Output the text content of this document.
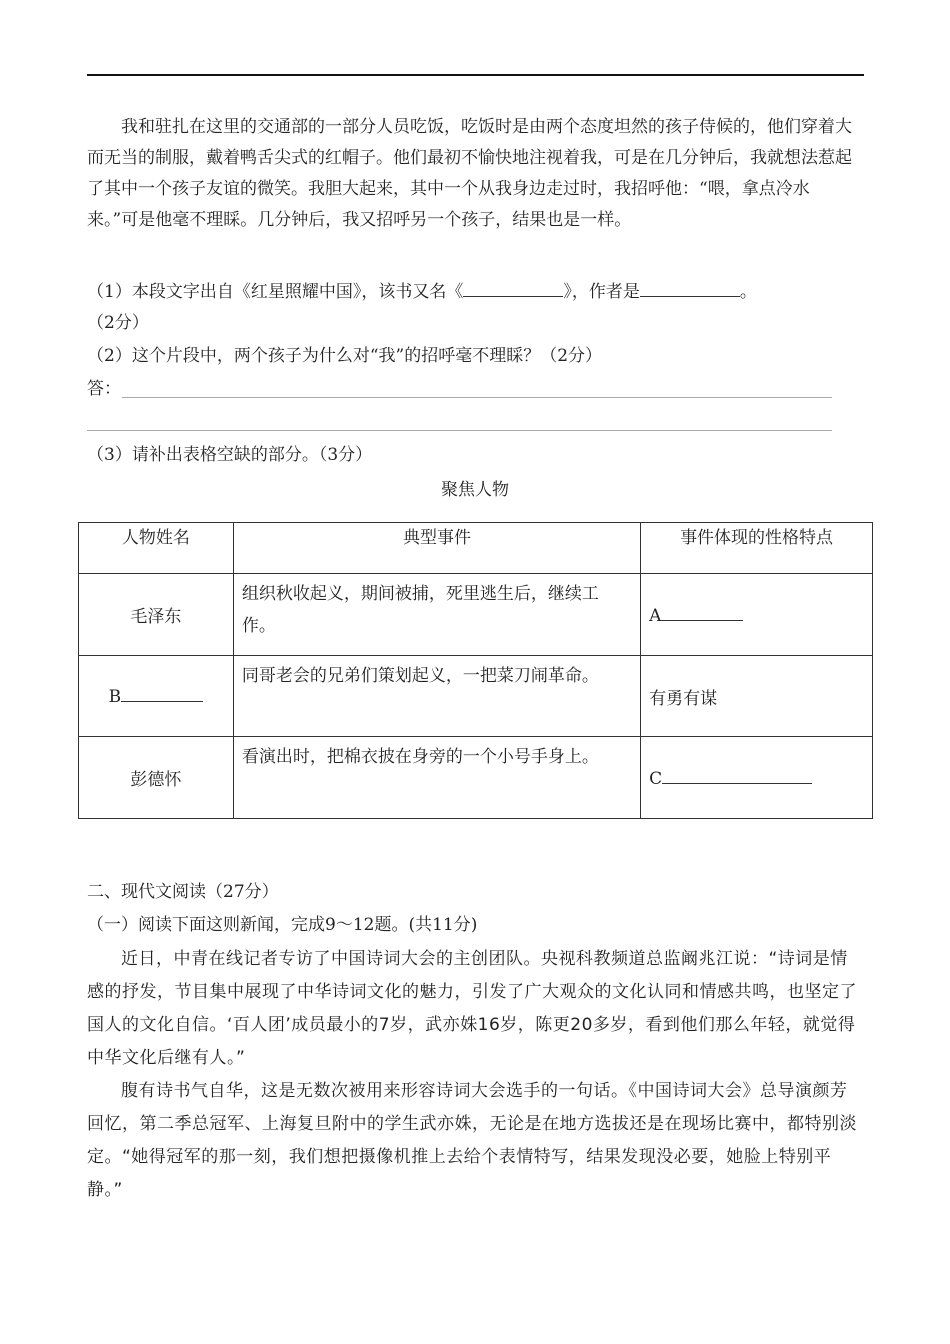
我和驻扎在这里的交通部的一部分人员吃饭，吃饭时是由两个态度坦然的孩子侍候的，他们穿着大而无当的制服，戴着鸭舌尖式的红帽子。他们最初不愉快地注视着我，可是在几分钟后，我就想法惹起了其中一个孩子友谊的微笑。我胆大起来，其中一个从我身边走过时，我招呼他：“喂，拿点冷水来。”可是他毫不理睬。几分钟后，我又招呼另一个孩子，结果也是一样。
（1）本段文字出自《红星照耀中国》，该书又名《	》，作者是	。
（2分）
（2）这个片段中，两个孩子为什么对“我”的招呼毫不理睬？（2分）
答：
（3）请补出表格空缺的部分。（3分）
聚焦人物
人物姓名	典型事件	事件体现的性格特点
毛泽东	组织秋收起义，期间被捕，死里逃生后，继续工作。	A
B	同哥老会的兄弟们策划起义，一把菜刀闹革命。	有勇有谋
彭德怀	看演出时，把棉衣披在身旁的一个小号手身上。	C
二、现代文阅读（27分）
（一）阅读下面这则新闻，完成9～12题。(共11分)
近日，中青在线记者专访了中国诗词大会的主创团队。央视科教频道总监阚兆江说：“诗词是情感的抒发，节目集中展现了中华诗词文化的魅力，引发了广大观众的文化认同和情感共鸣，也坚定了国人的文化自信。‘百人团’成员最小的7岁，武亦姝16岁，陈更20多岁，看到他们那么年轻，就觉得中华文化后继有人。”
腹有诗书气自华，这是无数次被用来形容诗词大会选手的一句话。《中国诗词大会》总导演颜芳回忆，第二季总冠军、上海复旦附中的学生武亦姝，无论是在地方选拔还是在现场比赛中，都特别淡定。“她得冠军的那一刻，我们想把摄像机推上去给个表情特写，结果发现没必要，她脸上特别平静。”
